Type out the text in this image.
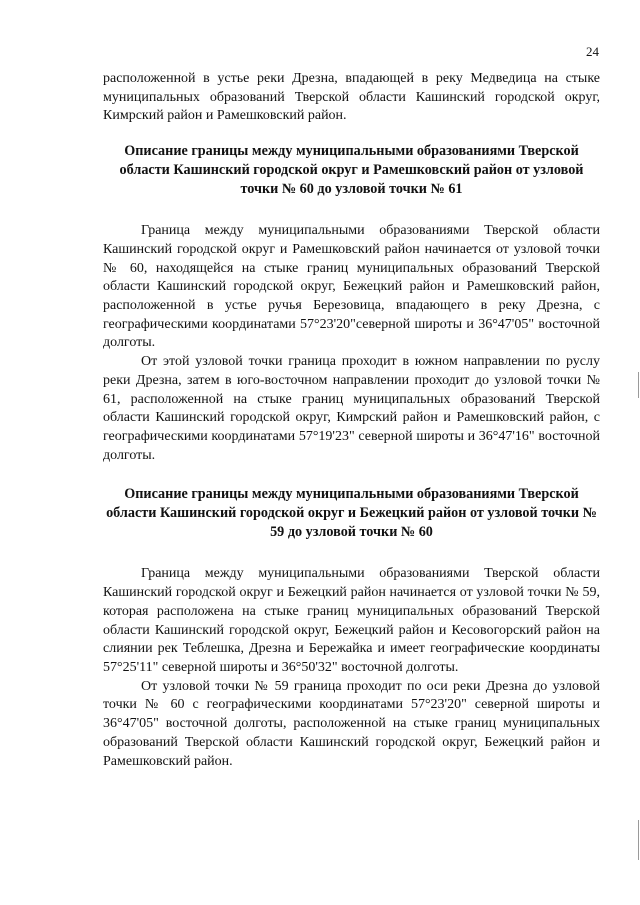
24

расположенной в устье реки Дрезна, впадающей в реку Медведица на стыке муниципальных образований Тверской области Кашинский городской округ, Кимрский район и Рамешковский район.

Описание границы между муниципальными образованиями Тверской области Кашинский городской округ и Рамешковский район от узловой точки № 60 до узловой точки № 61

Граница между муниципальными образованиями Тверской области Кашинский городской округ и Рамешковский район начинается от узловой точки № 60, находящейся на стыке границ муниципальных образований Тверской области Кашинский городской округ, Бежецкий район и Рамешковский район, расположенной в устье ручья Березовица, впадающего в реку Дрезна, с географическими координатами 57°23'20"северной широты и 36°47'05" восточной долготы.

От этой узловой точки граница проходит в южном направлении по руслу реки Дрезна, затем в юго-восточном направлении проходит до узловой точки № 61, расположенной на стыке границ муниципальных образований Тверской области Кашинский городской округ, Кимрский район и Рамешковский район, с географическими координатами 57°19'23" северной широты и 36°47'16" восточной долготы.

Описание границы между муниципальными образованиями Тверской области Кашинский городской округ и Бежецкий район от узловой точки № 59 до узловой точки № 60

Граница между муниципальными образованиями Тверской области Кашинский городской округ и Бежецкий район начинается от узловой точки № 59, которая расположена на стыке границ муниципальных образований Тверской области Кашинский городской округ, Бежецкий район и Кесовогорский район на слиянии рек Теблешка, Дрезна и Бережайка и имеет географические координаты 57°25'11" северной широты и 36°50'32" восточной долготы.

От узловой точки № 59 граница проходит по оси реки Дрезна до узловой точки № 60 с географическими координатами 57°23'20" северной широты и 36°47'05" восточной долготы, расположенной на стыке границ муниципальных образований Тверской области Кашинский городской округ, Бежецкий район и Рамешковский район.
